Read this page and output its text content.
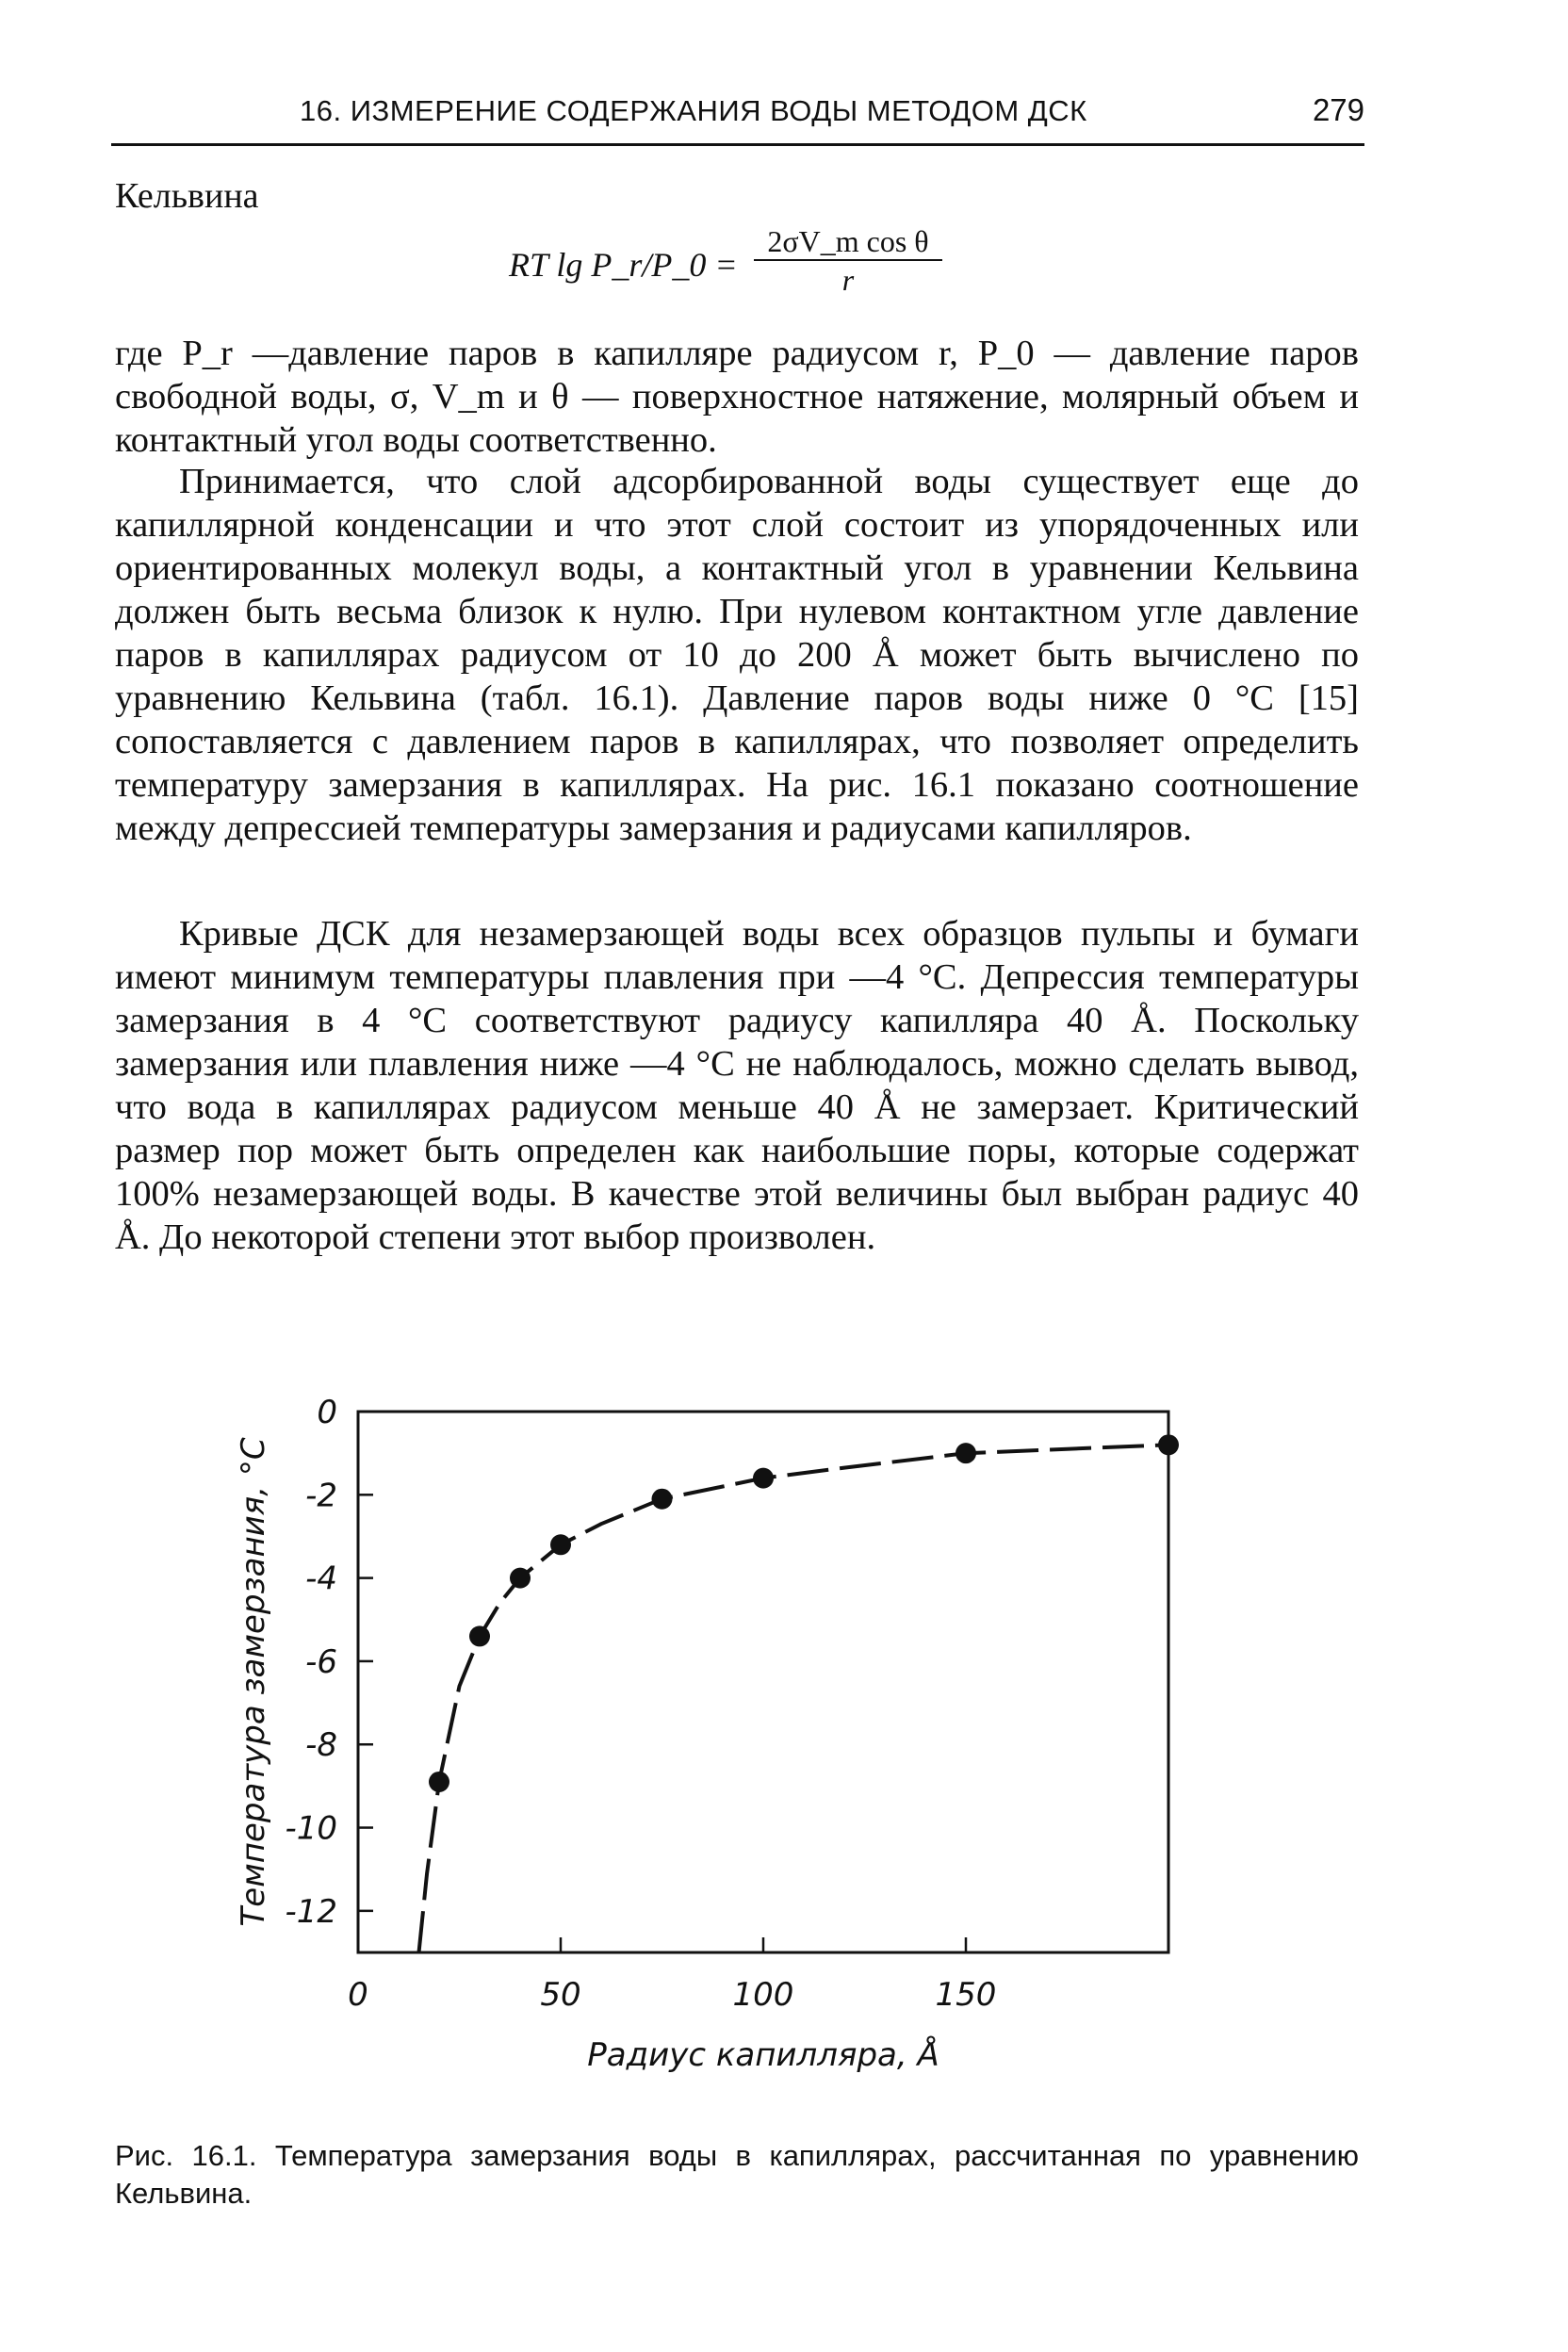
16. ИЗМЕРЕНИЕ СОДЕРЖАНИЯ ВОДЫ МЕТОДОМ ДСК	279
Кельвина
RT lg P_r/P_0 = $\frac{\text{2σV\_m cos θ}}{r}$

где P_r —давление паров в капилляре радиусом r, P_0 — давление паров свободной воды, σ, V_m и θ — поверхностное натяжение, молярный объем и контактный угол воды соответственно.

Принимается, что слой адсорбированной воды существует еще до капиллярной конденсации и что этот слой состоит из упорядоченных или ориентированных молекул воды, а контактный угол в уравнении Кельвина должен быть весьма близок к нулю. При нулевом контактном угле давление паров в капиллярах радиусом от 10 до 200 Å может быть вычислено по уравнению Кельвина (табл. 16.1). Давление паров воды ниже 0 °С [15] сопоставляется с давлением паров в капиллярах, что позволяет определить температуру замерзания в капиллярах. На рис. 16.1 показано соотношение между депрессией температуры замерзания и радиусами капилляров.

Кривые ДСК для незамерзающей воды всех образцов пульпы и бумаги имеют минимум температуры плавления при —4 °С. Депрессия температуры замерзания в 4 °С соответствуют радиусу капилляра 40 Å. Поскольку замерзания или плавления ниже —4 °С не наблюдалось, можно сделать вывод, что вода в капиллярах радиусом меньше 40 Å не замерзает. Критический размер пор может быть определен как наибольшие поры, которые содержат 100% незамерзающей воды. В качестве этой величины был выбран радиус 40 Å. До некоторой степени этот выбор произволен.

0
-2
-4
-6
-8
-10
-12
0	50	100	150
Радиус капилляра, Å
Температура замерзания, °С
Рис. 16.1. Температура замерзания воды в капиллярах, рассчитанная по уравнению Кельвина.
